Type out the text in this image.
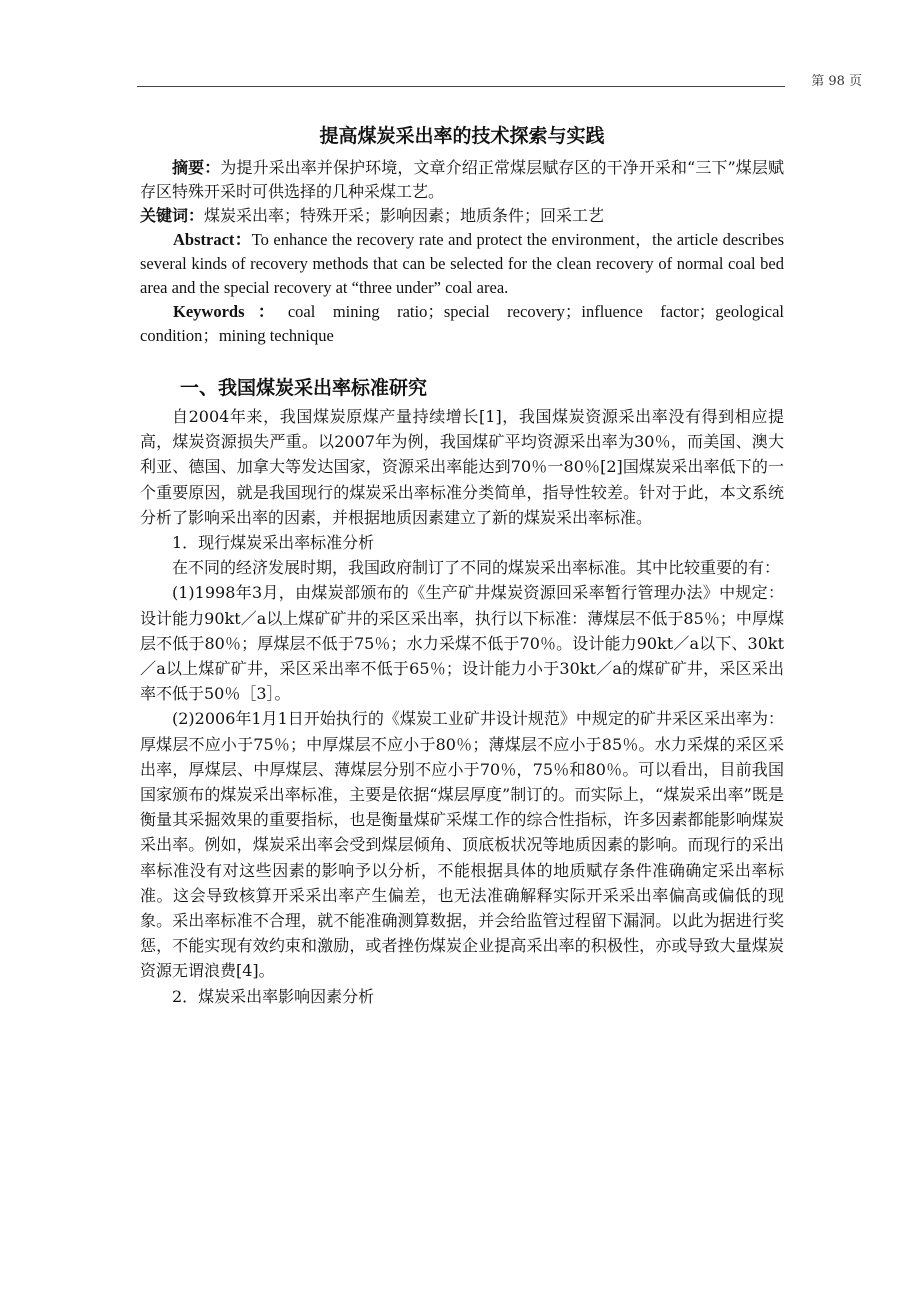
第 98 页
提高煤炭采出率的技术探索与实践

摘要：为提升采出率并保护环境，文章介绍正常煤层赋存区的干净开采和“三下”煤层赋存区特殊开采时可供选择的几种采煤工艺。

关键词：煤炭采出率；特殊开采；影响因素；地质条件；回采工艺

Abstract：To enhance the recovery rate and protect the environment，the article describes several kinds of recovery methods that can be selected for the clean recovery of normal coal bed area and the special recovery at “three under” coal area.

Keywords：coal mining ratio；special recovery；influence factor；geological condition；mining technique

一、我国煤炭采出率标准研究

自2004年来，我国煤炭原煤产量持续增长[1]，我国煤炭资源采出率没有得到相应提高，煤炭资源损失严重。以2007年为例，我国煤矿平均资源采出率为30％，而美国、澳大利亚、德国、加拿大等发达国家，资源采出率能达到70％一80％[2]国煤炭采出率低下的一个重要原因，就是我国现行的煤炭采出率标准分类简单，指导性较差。针对于此，本文系统分析了影响采出率的因素，并根据地质因素建立了新的煤炭采出率标准。

1．现行煤炭采出率标准分析

在不同的经济发展时期，我国政府制订了不同的煤炭采出率标准。其中比较重要的有：

(1)1998年3月，由煤炭部颁布的《生产矿井煤炭资源回采率暂行管理办法》中规定：设计能力90kt／a以上煤矿矿井的采区采出率，执行以下标准：薄煤层不低于85％；中厚煤层不低于80％；厚煤层不低于75％；水力采煤不低于70％。设计能力90kt／a以下、30kt／a以上煤矿矿井，采区采出率不低于65％；设计能力小于30kt／a的煤矿矿井，采区采出率不低于50％［3］。

(2)2006年1月1日开始执行的《煤炭工业矿井设计规范》中规定的矿井采区采出率为：厚煤层不应小于75％；中厚煤层不应小于80％；薄煤层不应小于85％。水力采煤的采区采出率，厚煤层、中厚煤层、薄煤层分别不应小于70％，75％和80％。可以看出，目前我国国家颁布的煤炭采出率标准，主要是依据“煤层厚度”制订的。而实际上，“煤炭采出率”既是衡量其采掘效果的重要指标，也是衡量煤矿采煤工作的综合性指标，许多因素都能影响煤炭采出率。例如，煤炭采出率会受到煤层倾角、顶底板状况等地质因素的影响。而现行的采出率标准没有对这些因素的影响予以分析，不能根据具体的地质赋存条件准确确定采出率标准。这会导致核算开采采出率产生偏差，也无法准确解释实际开采采出率偏高或偏低的现象。采出率标准不合理，就不能准确测算数据，并会给监管过程留下漏洞。以此为据进行奖惩，不能实现有效约束和激励，或者挫伤煤炭企业提高采出率的积极性，亦或导致大量煤炭资源无谓浪费[4]。

2．煤炭采出率影响因素分析
